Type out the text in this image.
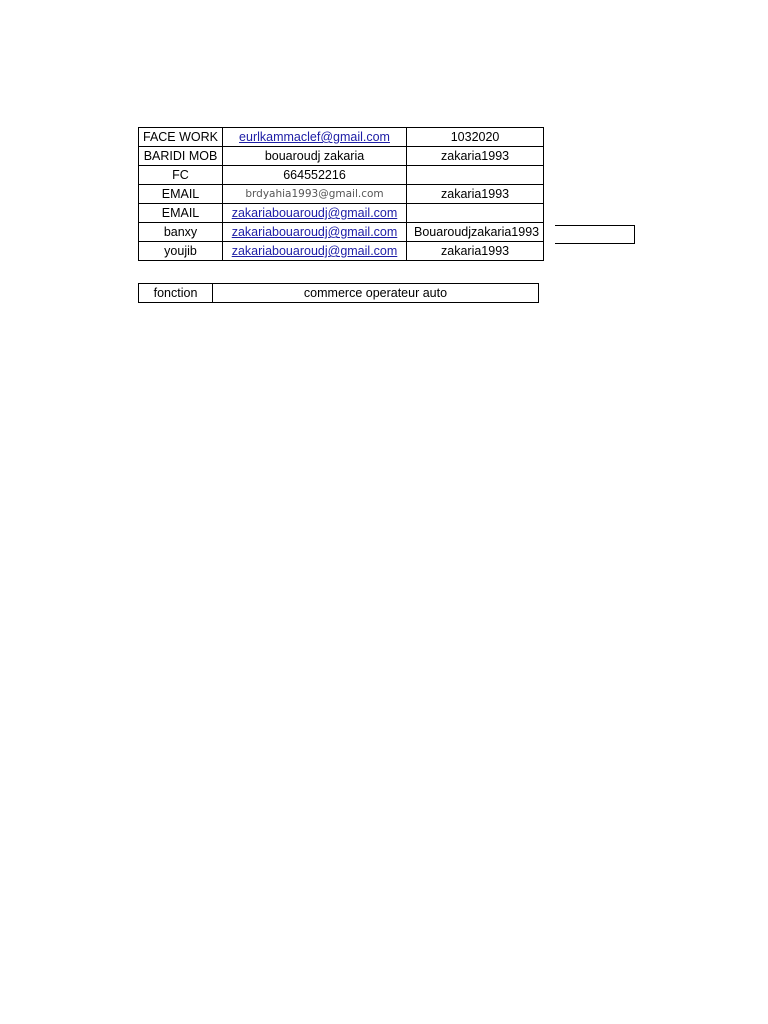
FACE WORK	eurlkammaclef@gmail.com	1032020
BARIDI MOB	bouaroudj zakaria	zakaria1993
FC	664552216	
EMAIL	brdyahia1993@gmail.com	zakaria1993
EMAIL	zakariabouaroudj@gmail.com	
banxy	zakariabouaroudj@gmail.com	Bouaroudjzakaria1993
youjib	zakariabouaroudj@gmail.com	zakaria1993
fonction	commerce operateur auto
